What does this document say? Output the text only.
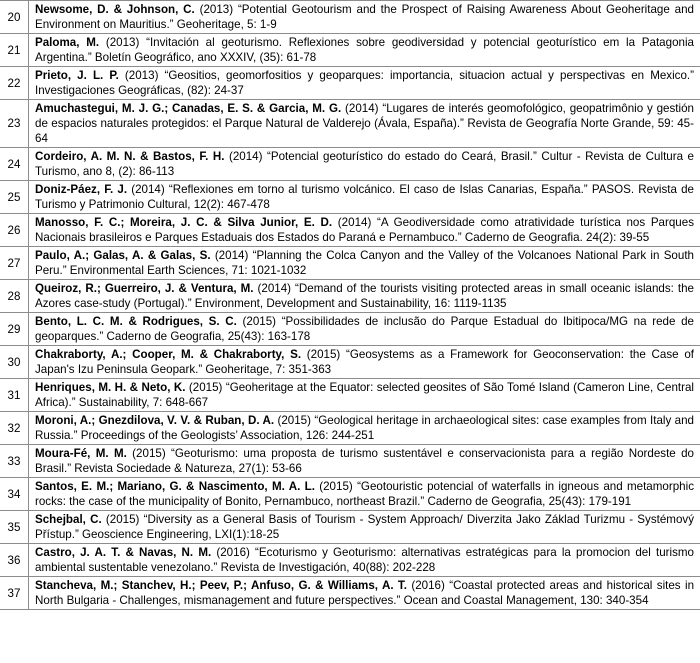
20	Newsome, D. & Johnson, C. (2013) “Potential Geotourism and the Prospect of Raising Awareness About Geoheritage and Environment on Mauritius.” Geoheritage, 5: 1-9
21	Paloma, M. (2013) “Invitación al geoturismo. Reflexiones sobre geodiversidad y potencial geoturístico em la Patagonia Argentina.” Boletín Geográfico, ano XXXIV, (35): 61-78
22	Prieto, J. L. P. (2013) “Geositios, geomorfositios y geoparques: importancia, situacion actual y perspectivas en Mexico.” Investigaciones Geográficas, (82): 24-37
23	Amuchastegui, M. J. G.; Canadas, E. S. & Garcia, M. G. (2014) “Lugares de interés geomofológico, geopatrimônio y gestión de espacios naturales protegidos: el Parque Natural de Valderejo (Ávala, España).” Revista de Geografía Norte Grande, 59: 45-64
24	Cordeiro, A. M. N. & Bastos, F. H. (2014) “Potencial geoturístico do estado do Ceará, Brasil.” Cultur - Revista de Cultura e Turismo, ano 8, (2): 86-113
25	Doniz-Páez, F. J. (2014) “Reflexiones em torno al turismo volcánico. El caso de Islas Canarias, España.” PASOS. Revista de Turismo y Patrimonio Cultural, 12(2): 467-478
26	Manosso, F. C.; Moreira, J. C. & Silva Junior, E. D. (2014) “A Geodiversidade como atratividade turística nos Parques Nacionais brasileiros e Parques Estaduais dos Estados do Paraná e Pernambuco.” Caderno de Geografia. 24(2): 39-55
27	Paulo, A.; Galas, A. & Galas, S. (2014) “Planning the Colca Canyon and the Valley of the Volcanoes National Park in South Peru.” Environmental Earth Sciences, 71: 1021-1032
28	Queiroz, R.; Guerreiro, J. & Ventura, M. (2014) “Demand of the tourists visiting protected areas in small oceanic islands: the Azores case-study (Portugal).” Environment, Development and Sustainability, 16: 1119-1135
29	Bento, L. C. M. & Rodrigues, S. C. (2015) “Possibilidades de inclusão do Parque Estadual do Ibitipoca/MG na rede de geoparques.” Caderno de Geografia, 25(43): 163-178
30	Chakraborty, A.; Cooper, M. & Chakraborty, S. (2015) “Geosystems as a Framework for Geoconservation: the Case of Japan's Izu Peninsula Geopark.” Geoheritage, 7: 351-363
31	Henriques, M. H. & Neto, K. (2015) “Geoheritage at the Equator: selected geosites of São Tomé Island (Cameron Line, Central Africa).” Sustainability, 7: 648-667
32	Moroni, A.; Gnezdilova, V. V. & Ruban, D. A. (2015) “Geological heritage in archaeological sites: case examples from Italy and Russia.” Proceedings of the Geologists’ Association, 126: 244-251
33	Moura-Fé, M. M. (2015) “Geoturismo: uma proposta de turismo sustentável e conservacionista para a região Nordeste do Brasil.” Revista Sociedade & Natureza, 27(1): 53-66
34	Santos, E. M.; Mariano, G. & Nascimento, M. A. L. (2015) “Geotouristic potencial of waterfalls in igneous and metamorphic rocks: the case of the municipality of Bonito, Pernambuco, northeast Brazil.” Caderno de Geografia, 25(43): 179-191
35	Schejbal, C. (2015) “Diversity as a General Basis of Tourism - System Approach/ Diverzita Jako Základ Turizmu - Systémový Přístup.” Geoscience Engineering, LXI(1):18-25
36	Castro, J. A. T. & Navas, N. M. (2016) “Ecoturismo y Geoturismo: alternativas estratégicas para la promocion del turismo ambiental sustentable venezolano.” Revista de Investigación, 40(88): 202-228
37	Stancheva, M.; Stanchev, H.; Peev, P.; Anfuso, G. & Williams, A. T. (2016) “Coastal protected areas and historical sites in North Bulgaria - Challenges, mismanagement and future perspectives.” Ocean and Coastal Management, 130: 340-354
